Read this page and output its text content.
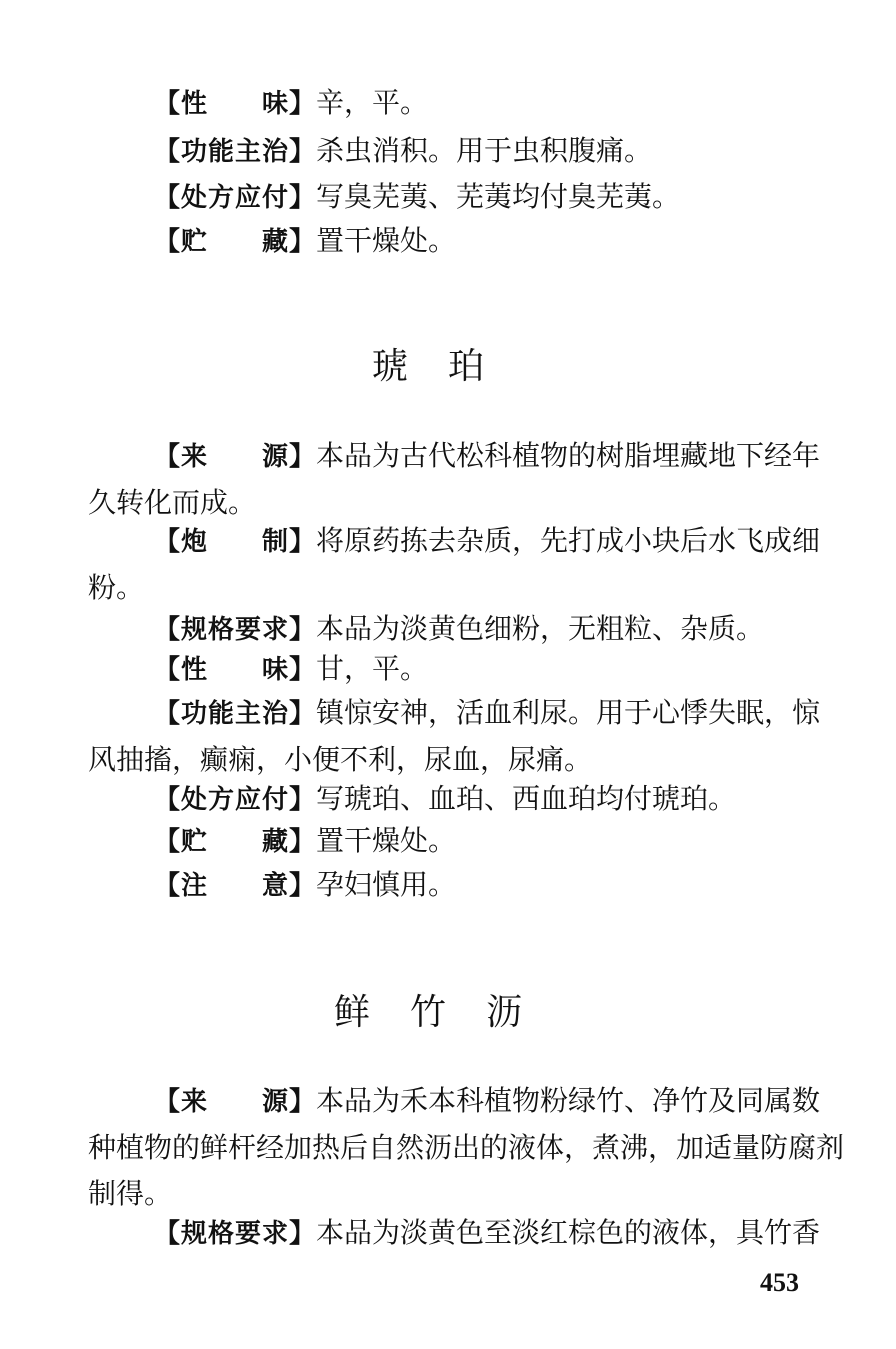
【性　　味】辛，平。

【功能主治】杀虫消积。用于虫积腹痛。

【处方应付】写臭芜荑、芜荑均付臭芜荑。

【贮　　藏】置干燥处。

琥珀

【来　　源】本品为古代松科植物的树脂埋藏地下经年久转化而成。

【炮　　制】将原药拣去杂质，先打成小块后水飞成细粉。

【规格要求】本品为淡黄色细粉，无粗粒、杂质。

【性　　味】甘，平。

【功能主治】镇惊安神，活血利尿。用于心悸失眠，惊风抽搐，癫痫，小便不利，尿血，尿痛。

【处方应付】写琥珀、血珀、西血珀均付琥珀。

【贮　　藏】置干燥处。

【注　　意】孕妇慎用。

鲜竹沥

【来　　源】本品为禾本科植物粉绿竹、净竹及同属数种植物的鲜杆经加热后自然沥出的液体，煮沸，加适量防腐剂制得。

【规格要求】本品为淡黄色至淡红棕色的液体，具竹香

453
